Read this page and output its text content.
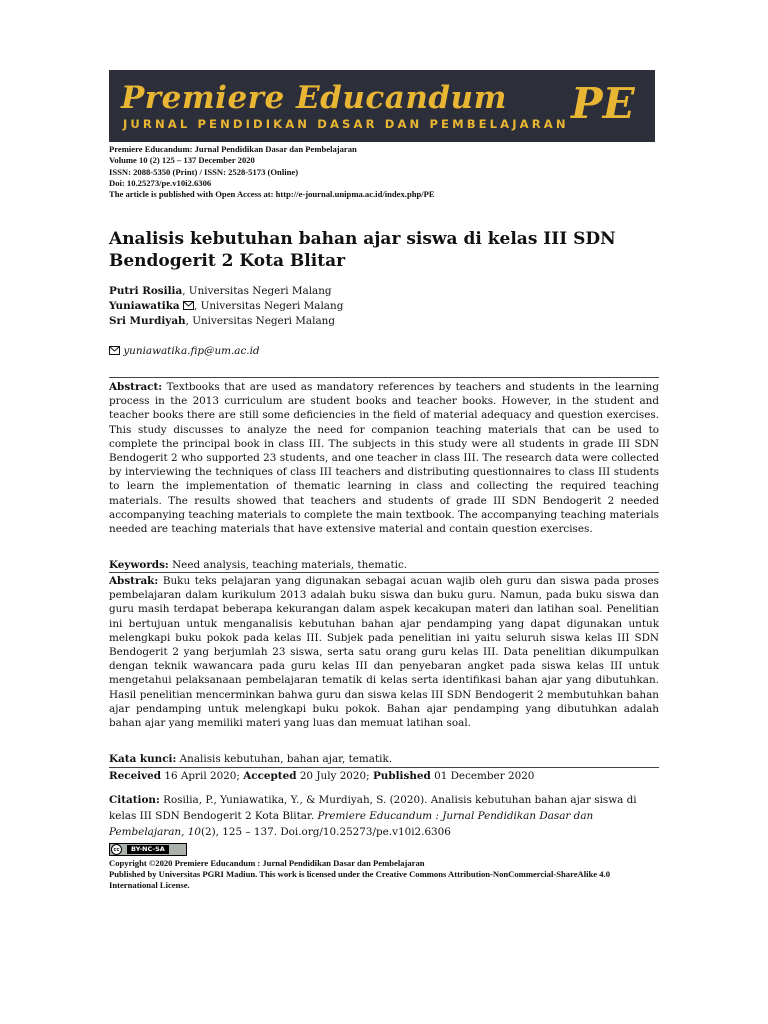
Premiere Educandum
JURNAL PENDIDIKAN DASAR DAN PEMBELAJARAN PE
Premiere Educandum: Jurnal Pendidikan Dasar dan Pembelajaran
Volume 10 (2) 125 – 137 December 2020
ISSN: 2088-5350 (Print) / ISSN: 2528-5173 (Online)
Doi: 10.25273/pe.v10i2.6306
The article is published with Open Access at: http://e-journal.unipma.ac.id/index.php/PE
Analisis kebutuhan bahan ajar siswa di kelas III SDN Bendogerit 2 Kota Blitar
Putri Rosilia, Universitas Negeri Malang
Yuniawatika , Universitas Negeri Malang
Sri Murdiyah, Universitas Negeri Malang
yuniawatika.fip@um.ac.id
Abstract: Textbooks that are used as mandatory references by teachers and students in the learning process in the 2013 curriculum are student books and teacher books. However, in the student and teacher books there are still some deficiencies in the field of material adequacy and question exercises. This study discusses to analyze the need for companion teaching materials that can be used to complete the principal book in class III. The subjects in this study were all students in grade III SDN Bendogerit 2 who supported 23 students, and one teacher in class III. The research data were collected by interviewing the techniques of class III teachers and distributing questionnaires to class III students to learn the implementation of thematic learning in class and collecting the required teaching materials. The results showed that teachers and students of grade III SDN Bendogerit 2 needed accompanying teaching materials to complete the main textbook. The accompanying teaching materials needed are teaching materials that have extensive material and contain question exercises.
Keywords: Need analysis, teaching materials, thematic.
Abstrak: Buku teks pelajaran yang digunakan sebagai acuan wajib oleh guru dan siswa pada proses pembelajaran dalam kurikulum 2013 adalah buku siswa dan buku guru. Namun, pada buku siswa dan guru masih terdapat beberapa kekurangan dalam aspek kecakupan materi dan latihan soal. Penelitian ini bertujuan untuk menganalisis kebutuhan bahan ajar pendamping yang dapat digunakan untuk melengkapi buku pokok pada kelas III. Subjek pada penelitian ini yaitu seluruh siswa kelas III SDN Bendogerit 2 yang berjumlah 23 siswa, serta satu orang guru kelas III. Data penelitian dikumpulkan dengan teknik wawancara pada guru kelas III dan penyebaran angket pada siswa kelas III untuk mengetahui pelaksanaan pembelajaran tematik di kelas serta identifikasi bahan ajar yang dibutuhkan. Hasil penelitian mencerminkan bahwa guru dan siswa kelas III SDN Bendogerit 2 membutuhkan bahan ajar pendamping untuk melengkapi buku pokok. Bahan ajar pendamping yang dibutuhkan adalah bahan ajar yang memiliki materi yang luas dan memuat latihan soal.
Kata kunci: Analisis kebutuhan, bahan ajar, tematik.
Received 16 April 2020; Accepted 20 July 2020; Published 01 December 2020
Citation: Rosilia, P., Yuniawatika, Y., & Murdiyah, S. (2020). Analisis kebutuhan bahan ajar siswa di kelas III SDN Bendogerit 2 Kota Blitar. Premiere Educandum : Jurnal Pendidikan Dasar dan Pembelajaran, 10(2), 125 – 137. Doi.org/10.25273/pe.v10i2.6306
cc	BY-NC-SA
Copyright ©2020 Premiere Educandum : Jurnal Pendidikan Dasar dan Pembelajaran
Published by Universitas PGRI Madiun. This work is licensed under the Creative Commons Attribution-NonCommercial-ShareAlike 4.0 International License.
